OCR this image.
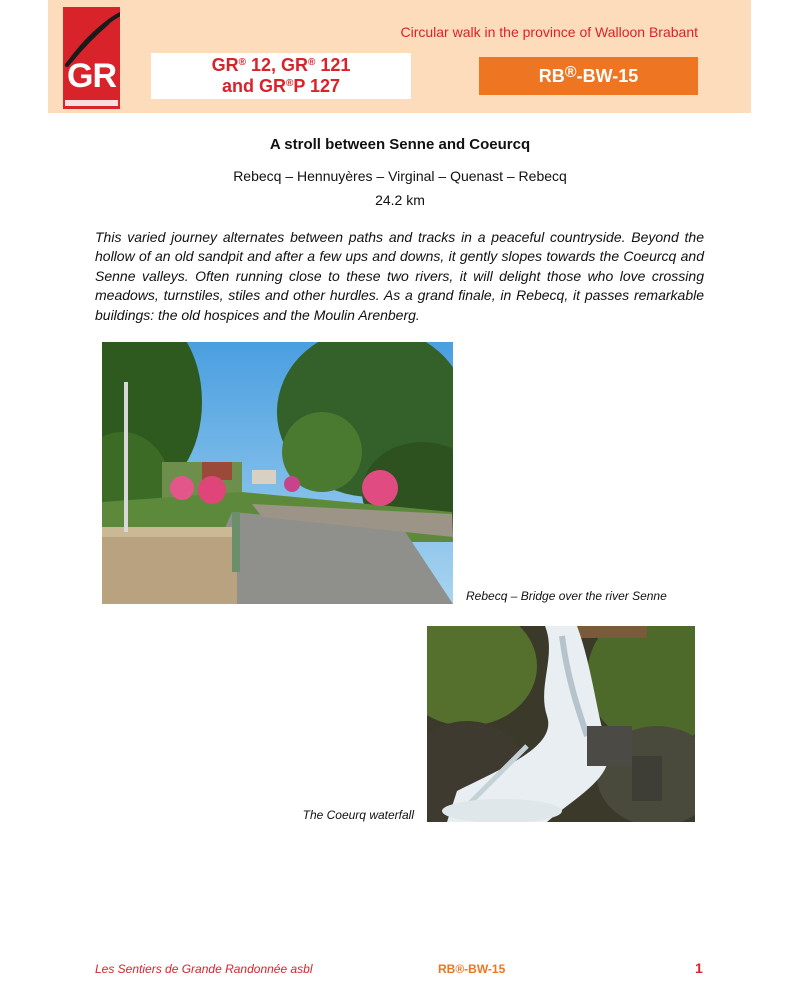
GR
Circular walk in the province of Walloon Brabant
GR® 12, GR® 121
and GR®P 127	RB®-BW-15
A stroll between Senne and Coeurcq
Rebecq – Hennuyères – Virginal – Quenast – Rebecq
24.2 km

This varied journey alternates between paths and tracks in a peaceful countryside. Beyond the hollow of an old sandpit and after a few ups and downs, it gently slopes towards the Coeurcq and Senne valleys. Often running close to these two rivers, it will delight those who love crossing meadows, turnstiles, stiles and other hurdles. As a grand finale, in Rebecq, it passes remarkable buildings: the old hospices and the Moulin Arenberg.

Rebecq – Bridge over the river Senne
The Coeurq waterfall
Les Sentiers de Grande Randonnée asbl	RB®-BW-15	1
